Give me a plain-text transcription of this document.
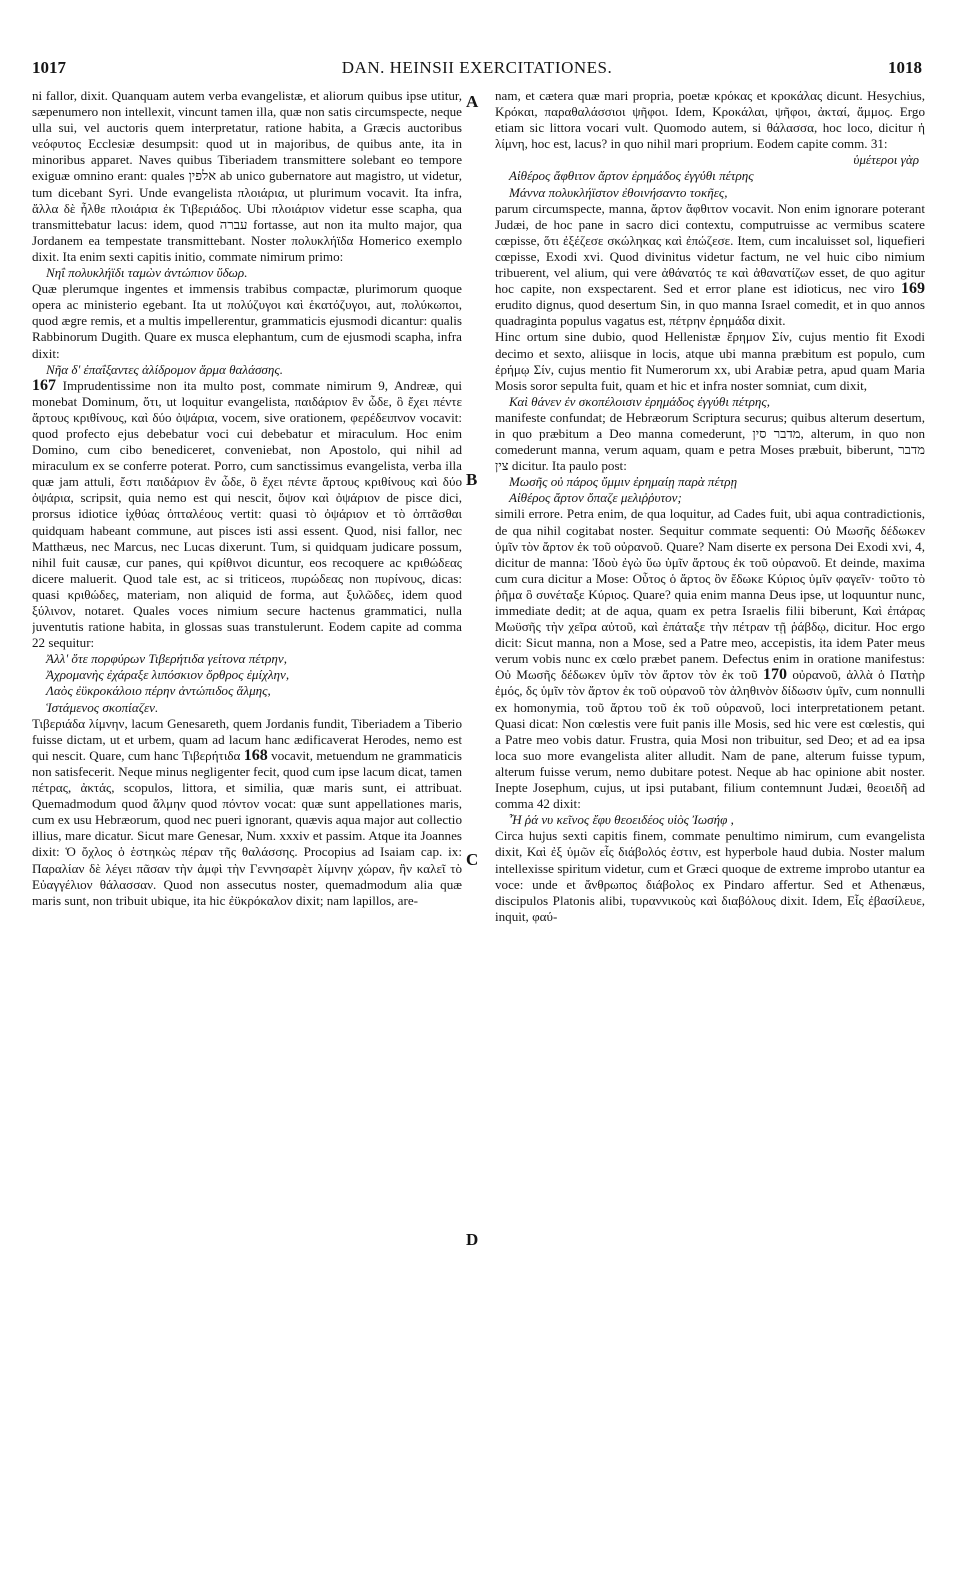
1017	DAN. HEINSII EXERCITATIONES.	1018
A
B
C
D

ni fallor, dixit. Quanquam autem verba evangelistæ, et aliorum quibus ipse utitur, sæpenumero non intellexit, vincunt tamen illa, quæ non satis circumspecte, neque ulla sui, vel auctoris quem interpretatur, ratione habita, a Græcis auctoribus νεόφυτος Ecclesiæ desumpsit: quod ut in majoribus, de quibus ante, ita in minoribus apparet. Naves quibus Tiberiadem transmittere solebant eo tempore exiguæ omnino erant: quales אלפין ab unico gubernatore aut magistro, ut videtur, tum dicebant Syri. Unde evangelista πλοιάρια, ut plurimum vocavit. Ita infra, ἄλλα δὲ ἦλθε πλοιάρια ἐκ Τιβεριάδος. Ubi πλοιάριον videtur esse scapha, qua transmittebatur lacus: idem, quod עברה fortasse, aut non ita multo major, qua Jordanem ea tempestate transmittebant. Noster πολυκλήϊδα Homerico exemplo dixit. Ita enim sexti capitis initio, commate nimirum primo:

Νηΐ πολυκλήϊδι ταμὼν ἀντώπιον ὕδωρ.

Quæ plerumque ingentes et immensis trabibus compactæ, plurimorum quoque opera ac ministerio egebant. Ita ut πολύζυγοι καὶ ἑκατόζυγοι, aut, πολύκωποι, quod ægre remis, et a multis impellerentur, grammaticis ejusmodi dicantur: qualis Rabbinorum Dugith. Quare ex musca elephantum, cum de ejusmodi scapha, infra dixit:

Νῆα δ' ἐπαΐξαντες ἀλίδρομον ἅρμα θαλάσσης.

167 Imprudentissime non ita multo post, commate nimirum 9, Andreæ, qui monebat Dominum, ὅτι, ut loquitur evangelista, παιδάριον ἓν ὧδε, ὃ ἔχει πέντε ἄρτους κριθίνους, καὶ δύο ὀψάρια, vocem, sive orationem, φερέδειπνον vocavit: quod profecto ejus debebatur voci cui debebatur et miraculum. Hoc enim Domino, cum cibo benediceret, conveniebat, non Apostolo, qui nihil ad miraculum ex se conferre poterat. Porro, cum sanctissimus evangelista, verba illa quæ jam attuli, ἔστι παιδάριον ἓν ὧδε, ὃ ἔχει πέντε ἄρτους κριθίνους καὶ δύο ὀψάρια, scripsit, quia nemo est qui nescit, ὄψον καὶ ὀψάριον de pisce dici, prorsus idiotice ἰχθύας ὀπταλέους vertit: quasi τὸ ὀψάριον et τὸ ὀπτᾶσθαι quidquam habeant commune, aut pisces isti assi essent. Quod, nisi fallor, nec Matthæus, nec Marcus, nec Lucas dixerunt. Tum, si quidquam judicare possum, nihil fuit causæ, cur panes, qui κρίθινοι dicuntur, eos recoquere ac κριθώδεας dicere maluerit. Quod tale est, ac si triticeos, πυρώδεας non πυρίνους, dicas: quasi κριθώδες, materiam, non aliquid de forma, aut ξυλῶδες, idem quod ξύλινον, notaret. Quales voces nimium secure hactenus grammatici, nulla juventutis ratione habita, in glossas suas transtulerunt. Eodem capite ad comma 22 sequitur:

Ἀλλ' ὅτε πορφύρων Τιβερήτιδα γείτονα πέτρην,

Ἀχρομανὴς ἐχάραξε λιπόσκιον ὄρθρος ἐμίχλην,

Λαὸς ἐϋκροκάλοιο πέρην ἀντώπιδος ἅλμης,

Ἱστάμενος σκοπίαζεν.

Τιβεριάδα λίμνην, lacum Genesareth, quem Jordanis fundit, Tiberiadem a Tiberio fuisse dictam, ut et urbem, quam ad lacum hanc ædificaverat Herodes, nemo est qui nescit. Quare, cum hanc Τιβερήτιδα 168 vocavit, metuendum ne grammaticis non satisfecerit. Neque minus negligenter fecit, quod cum ipse lacum dicat, tamen πέτρας, ἀκτάς, scopulos, littora, et similia, quæ maris sunt, ei attribuat. Quemadmodum quod ἅλμην quod πόντον vocat: quæ sunt appellationes maris, cum ex usu Hebræorum, quod nec pueri ignorant, quævis aqua major aut collectio illius, mare dicatur. Sicut mare Genesar, Num. xxxiv et passim. Atque ita Joannes dixit: Ὁ ὄχλος ὁ ἑστηκὼς πέραν τῆς θαλάσσης. Procopius ad Isaiam cap. ix: Παραλίαν δὲ λέγει πᾶσαν τὴν ἀμφὶ τὴν Γεννησαρὲτ λίμνην χώραν, ἣν καλεῖ τὸ Εὐαγγέλιον θάλασσαν. Quod non assecutus noster, quemadmodum alia quæ maris sunt, non tribuit ubique, ita hic ἐϋκρόκαλον dixit; nam lapillos, are-

nam, et cætera quæ mari propria, poetæ κρόκας et κροκάλας dicunt. Hesychius, Κρόκαι, παραθαλάσσιοι ψῆφοι. Idem, Κροκάλαι, ψῆφοι, ἀκταί, ἄμμος. Ergo etiam sic littora vocari vult. Quomodo autem, si θάλασσα, hoc loco, dicitur ἡ λίμνη, hoc est, lacus? in quo nihil mari proprium. Eodem capite comm. 31:

ὑμέτεροι γὰρ

Αἰθέρος ἄφθιτον ἄρτον ἐρημάδος ἐγγύθι πέτρης

Μάννα πολυκλήϊστον ἐθοινήσαντο τοκῆες,

parum circumspecte, manna, ἄρτον ἄφθιτον vocavit. Non enim ignorare poterant Judæi, de hoc pane in sacro dici contextu, computruisse ac vermibus scatere cœpisse, ὅτι ἐξέζεσε σκώληκας καὶ ἐπώζεσε. Item, cum incaluisset sol, liquefieri cœpisse, Exodi xvi. Quod divinitus videtur factum, ne vel huic cibo nimium tribuerent, vel alium, qui vere ἀθάνατός τε καὶ ἀθανατίζων esset, de quo agitur hoc capite, non exspectarent. Sed et error plane est idioticus, nec viro 169 erudito dignus, quod desertum Sin, in quo manna Israel comedit, et in quo annos quadraginta populus vagatus est, πέτρην ἐρημάδα dixit.

Hinc ortum sine dubio, quod Hellenistæ ἔρημον Σίν, cujus mentio fit Exodi decimo et sexto, aliisque in locis, atque ubi manna præbitum est populo, cum ἐρήμῳ Σίν, cujus mentio fit Numerorum xx, ubi Arabiæ petra, apud quam Maria Mosis soror sepulta fuit, quam et hic et infra noster somniat, cum dixit,

Καὶ θάνεν ἐν σκοπέλοισιν ἐρημάδος ἐγγύθι πέτρης,

manifeste confundat; de Hebræorum Scriptura securus; quibus alterum desertum, in quo præbitum a Deo manna comederunt, מדבר סין, alterum, in quo non comederunt manna, verum aquam, quam e petra Moses præbuit, biberunt, מדבר צין dicitur. Ita paulo post:

Μωσῆς οὐ πάρος ὔμμιν ἐρημαίῃ παρὰ πέτρῃ

Αἰθέρος ἄρτον ὄπαζε μελιῤῥυτον;

simili errore. Petra enim, de qua loquitur, ad Cades fuit, ubi aqua contradictionis, de qua nihil cogitabat noster. Sequitur commate sequenti: Οὐ Μωσῆς δέδωκεν ὑμῖν τὸν ἄρτον ἐκ τοῦ οὐρανοῦ. Quare? Nam diserte ex persona Dei Exodi xvi, 4, dicitur de manna: Ἰδοὺ ἐγὼ ὕω ὑμῖν ἄρτους ἐκ τοῦ οὐρανοῦ. Et deinde, maxima cum cura dicitur a Mose: Οὗτος ὁ ἄρτος ὃν ἔδωκε Κύριος ὑμῖν φαγεῖν· τοῦτο τὸ ῥῆμα ὃ συνέταξε Κύριος. Quare? quia enim manna Deus ipse, ut loquuntur nunc, immediate dedit; at de aqua, quam ex petra Israelis filii biberunt, Καὶ ἐπάρας Μωϋσῆς τὴν χεῖρα αὐτοῦ, καὶ ἐπάταξε τὴν πέτραν τῇ ῥάβδῳ, dicitur. Hoc ergo dicit: Sicut manna, non a Mose, sed a Patre meo, accepistis, ita idem Pater meus verum vobis nunc ex cœlo præbet panem. Defectus enim in oratione manifestus: Οὐ Μωσῆς δέδωκεν ὑμῖν τὸν ἄρτον τὸν ἐκ τοῦ 170 οὐρανοῦ, ἀλλὰ ὁ Πατὴρ ἐμός, δς ὑμῖν τὸν ἄρτον ἐκ τοῦ οὐρανοῦ τὸν ἀληθινὸν δίδωσιν ὑμῖν, cum nonnulli ex homonymia, τοῦ ἄρτου τοῦ ἐκ τοῦ οὐρανοῦ, loci interpretationem petant. Quasi dicat: Non cœlestis vere fuit panis ille Mosis, sed hic vere est cœlestis, qui a Patre meo vobis datur. Frustra, quia Mosi non tribuitur, sed Deo; et ad ea ipsa loca suo more evangelista aliter alludit. Nam de pane, alterum fuisse typum, alterum fuisse verum, nemo dubitare potest. Neque ab hac opinione abit noster. Inepte Josephum, cujus, ut ipsi putabant, filium contemnunt Judæi, θεοειδῆ ad comma 42 dixit:

Ἦ ῥά νυ κεῖνος ἔφυ θεοειδέος υἱὸς Ἰωσήφ ,

Circa hujus sexti capitis finem, commate penultimo nimirum, cum evangelista dixit, Καὶ ἐξ ὑμῶν εἷς διάβολός ἐστιν, est hyperbole haud dubia. Noster malum intellexisse spiritum videtur, cum et Græci quoque de extreme improbo utantur ea voce: unde et ἄνθρωπος διάβολος ex Pindaro affertur. Sed et Athenæus, discipulos Platonis alibi, τυραννικοὺς καὶ διαβόλους dixit. Idem, Εἷς ἐβασίλευε, inquit, φαύ-
